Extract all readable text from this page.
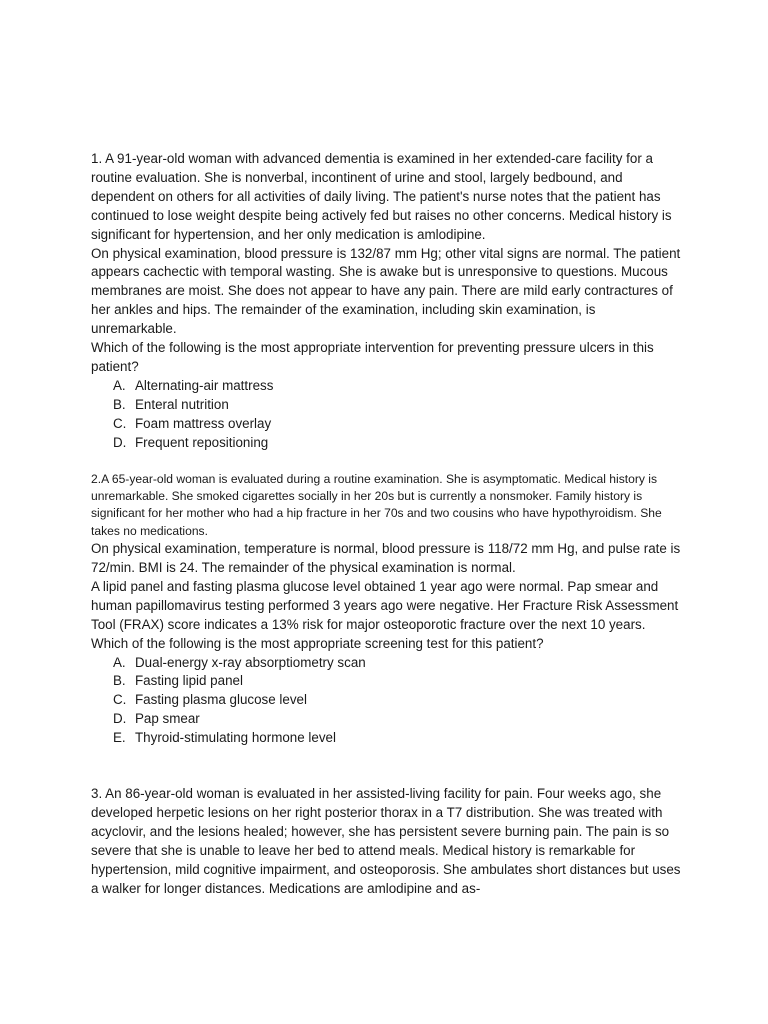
1. A 91-year-old woman with advanced dementia is examined in her extended-care facility for a routine evaluation. She is nonverbal, incontinent of urine and stool, largely bedbound, and dependent on others for all activities of daily living. The patient's nurse notes that the patient has continued to lose weight despite being actively fed but raises no other concerns. Medical history is significant for hypertension, and her only medication is amlodipine.

On physical examination, blood pressure is 132/87 mm Hg; other vital signs are normal. The patient appears cachectic with temporal wasting. She is awake but is unresponsive to questions. Mucous membranes are moist. She does not appear to have any pain. There are mild early contractures of her ankles and hips. The remainder of the examination, including skin examination, is unremarkable.

Which of the following is the most appropriate intervention for preventing pressure ulcers in this patient?

A. Alternating-air mattress
B. Enteral nutrition
C. Foam mattress overlay
D. Frequent repositioning

2.A 65-year-old woman is evaluated during a routine examination. She is asymptomatic. Medical history is unremarkable. She smoked cigarettes socially in her 20s but is currently a nonsmoker. Family history is significant for her mother who had a hip fracture in her 70s and two cousins who have hypothyroidism. She takes no medications.

On physical examination, temperature is normal, blood pressure is 118/72 mm Hg, and pulse rate is 72/min. BMI is 24. The remainder of the physical examination is normal.

A lipid panel and fasting plasma glucose level obtained 1 year ago were normal. Pap smear and human papillomavirus testing performed 3 years ago were negative. Her Fracture Risk Assessment Tool (FRAX) score indicates a 13% risk for major osteoporotic fracture over the next 10 years.

Which of the following is the most appropriate screening test for this patient?

A. Dual-energy x-ray absorptiometry scan
B. Fasting lipid panel
C. Fasting plasma glucose level
D. Pap smear
E. Thyroid-stimulating hormone level

3. An 86-year-old woman is evaluated in her assisted-living facility for pain. Four weeks ago, she developed herpetic lesions on her right posterior thorax in a T7 distribution. She was treated with acyclovir, and the lesions healed; however, she has persistent severe burning pain. The pain is so severe that she is unable to leave her bed to attend meals. Medical history is remarkable for hypertension, mild cognitive impairment, and osteoporosis. She ambulates short distances but uses a walker for longer distances. Medications are amlodipine and as-
